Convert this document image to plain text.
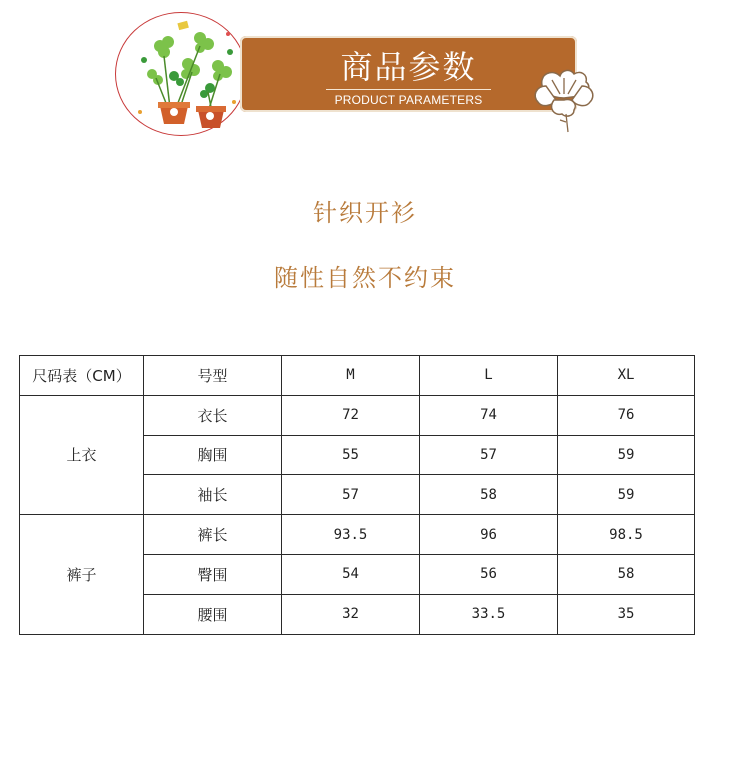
商品参数
PRODUCT PARAMETERS
针织开衫
随性自然不约束
尺码表（CM）	号型	M	L	XL
上衣	衣长	72	74	76
	胸围	55	57	59
	袖长	57	58	59
裤子	裤长	93.5	96	98.5
	臀围	54	56	58
	腰围	32	33.5	35
